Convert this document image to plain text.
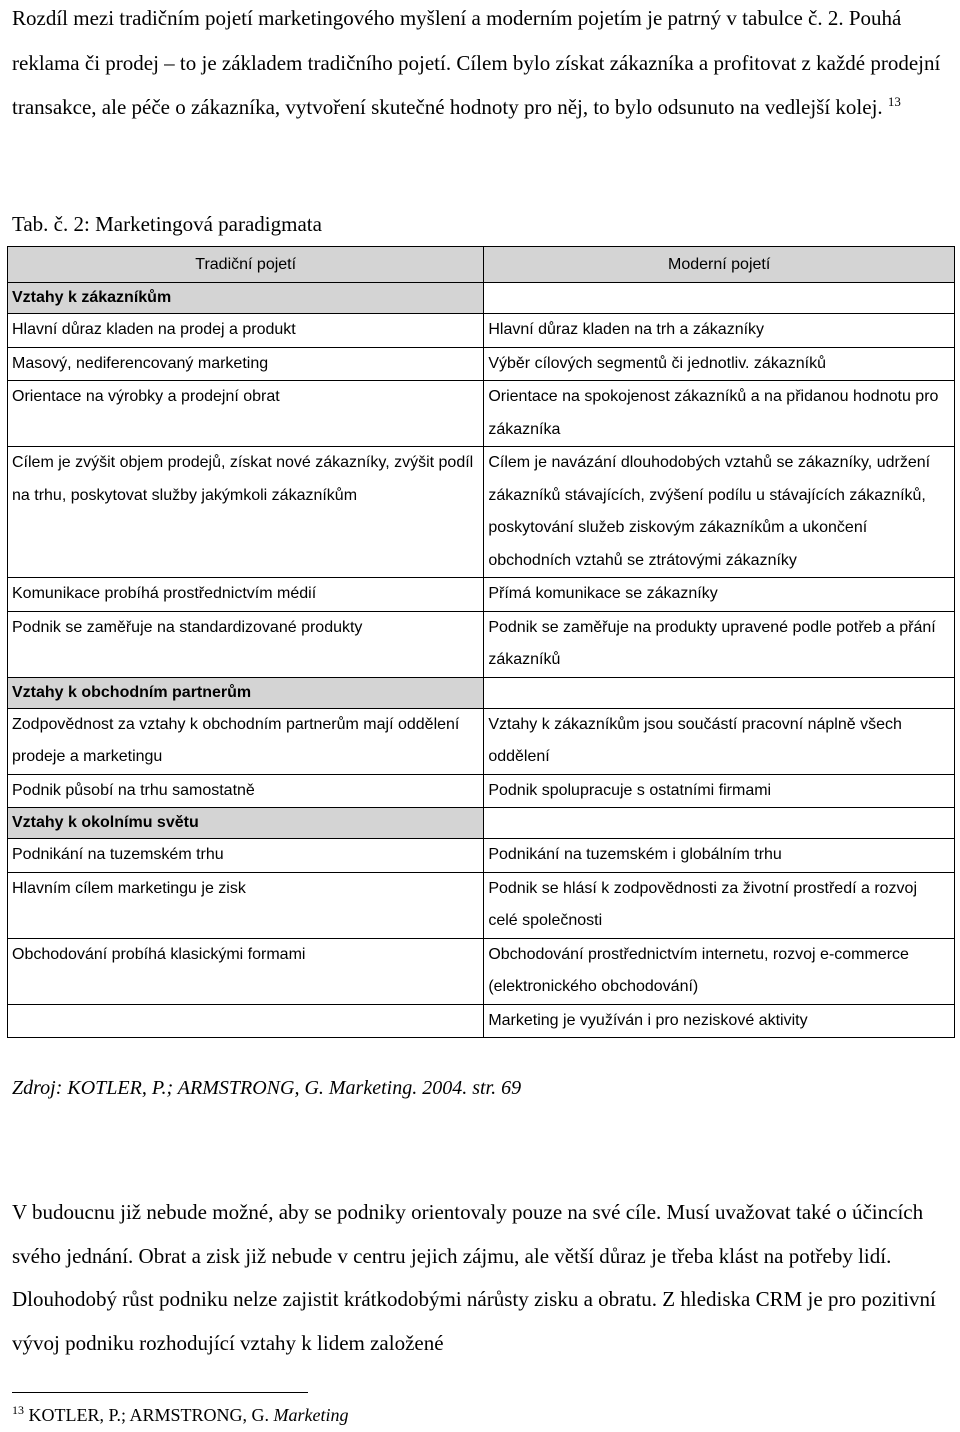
Rozdíl mezi tradičním pojetí marketingového myšlení a moderním pojetím je patrný v tabulce č. 2. Pouhá reklama či prodej – to je základem tradičního pojetí. Cílem bylo získat zákazníka a profitovat z každé prodejní transakce, ale péče o zákazníka, vytvoření skutečné hodnoty pro něj, to bylo odsunuto na vedlejší kolej. $^{13}$

Tab. č. 2: Marketingová paradigmata

Tradiční pojetí	Moderní pojetí
Vztahy k zákazníkům	
Hlavní důraz kladen na prodej a produkt	Hlavní důraz kladen na trh a zákazníky
Masový, nediferencovaný marketing	Výběr cílových segmentů či jednotliv. zákazníků
Orientace na výrobky a prodejní obrat	Orientace na spokojenost zákazníků a na přidanou hodnotu pro zákazníka
Cílem je zvýšit objem prodejů, získat nové zákazníky, zvýšit podíl na trhu, poskytovat služby jakýmkoli zákazníkům	Cílem je navázání dlouhodobých vztahů se zákazníky, udržení zákazníků stávajících, zvýšení podílu u stávajících zákazníků, poskytování služeb ziskovým zákazníkům a ukončení obchodních vztahů se ztrátovými zákazníky
Komunikace probíhá prostřednictvím médií	Přímá komunikace se zákazníky
Podnik se zaměřuje na standardizované produkty	Podnik se zaměřuje na produkty upravené podle potřeb a přání zákazníků
Vztahy k obchodním partnerům	
Zodpovědnost za vztahy k obchodním partnerům mají oddělení prodeje a marketingu	Vztahy k zákazníkům jsou součástí pracovní náplně všech oddělení
Podnik působí na trhu samostatně	Podnik spolupracuje s ostatními firmami
Vztahy k okolnímu světu	
Podnikání na tuzemském trhu	Podnikání na tuzemském i globálním trhu
Hlavním cílem marketingu je zisk	Podnik se hlásí k zodpovědnosti za životní prostředí a rozvoj celé společnosti
Obchodování probíhá klasickými formami	Obchodování prostřednictvím internetu, rozvoj e-commerce (elektronického obchodování)
	Marketing je využíván i pro neziskové aktivity

Zdroj: KOTLER, P.; ARMSTRONG, G. Marketing. 2004. str. 69

V budoucnu již nebude možné, aby se podniky orientovaly pouze na své cíle. Musí uvažovat také o účincích svého jednání. Obrat a zisk již nebude v centru jejich zájmu, ale větší důraz je třeba klást na potřeby lidí. Dlouhodobý růst podniku nelze zajistit krátkodobými nárůsty zisku a obratu. Z hlediska CRM je pro pozitivní vývoj podniku rozhodující vztahy k lidem založené

$^{13}$ KOTLER, P.; ARMSTRONG, G. Marketing
